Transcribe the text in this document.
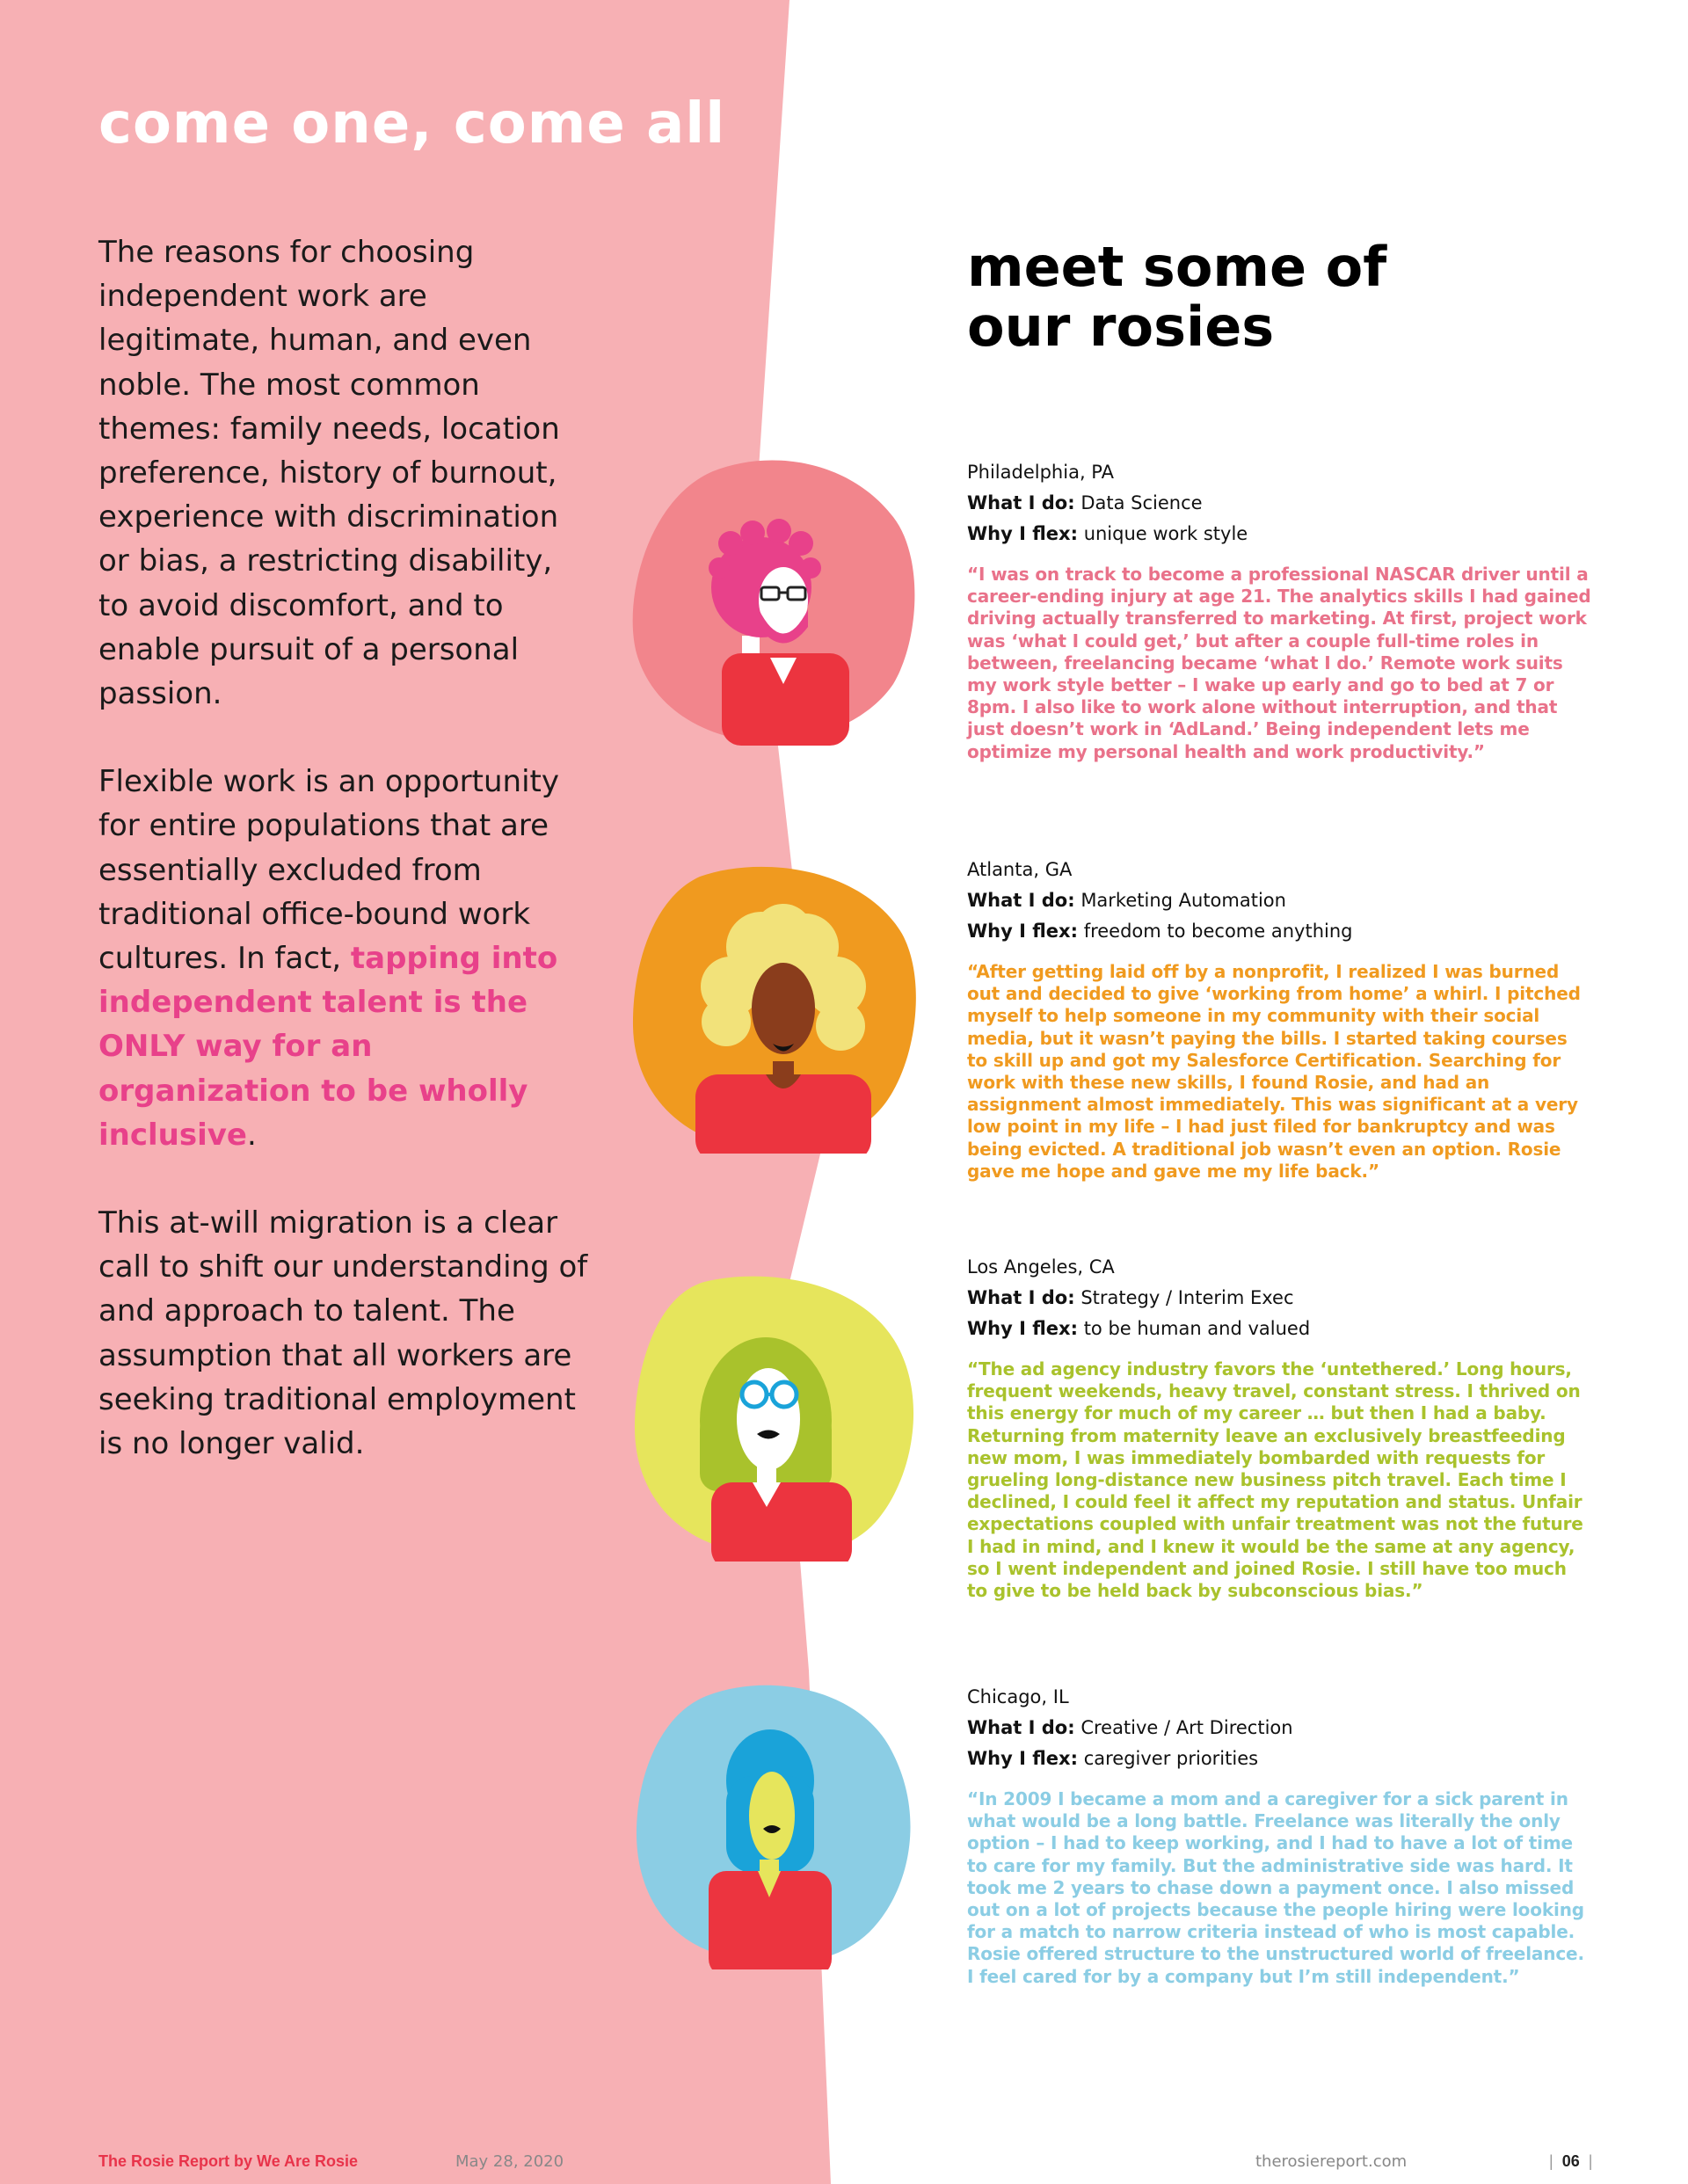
come one, come all

The reasons for choosing independent work are legitimate, human, and even noble. The most common themes: family needs, location preference, history of burnout, experience with discrimination or bias, a restricting disability, to avoid discomfort, and to enable pursuit of a personal passion.

Flexible work is an opportunity for entire populations that are essentially excluded from traditional office-bound work cultures. In fact, tapping into independent talent is the ONLY way for an organization to be wholly inclusive.

This at-will migration is a clear call to shift our understanding of and approach to talent. The assumption that all workers are seeking traditional employment is no longer valid.

meet some of our rosies
Philadelphia, PA
What I do: Data Science
Why I flex: unique work style
“I was on track to become a professional NASCAR driver until a career-ending injury at age 21. The analytics skills I had gained driving actually transferred to marketing. At first, project work was ‘what I could get,’ but after a couple full-time roles in between, freelancing became ‘what I do.’ Remote work suits my work style better – I wake up early and go to bed at 7 or 8pm. I also like to work alone without interruption, and that just doesn’t work in ‘AdLand.’ Being independent lets me optimize my personal health and work productivity.”
Atlanta, GA
What I do: Marketing Automation
Why I flex: freedom to become anything
“After getting laid off by a nonprofit, I realized I was burned out and decided to give ‘working from home’ a whirl. I pitched myself to help someone in my community with their social media, but it wasn’t paying the bills. I started taking courses to skill up and got my Salesforce Certification. Searching for work with these new skills, I found Rosie, and had an assignment almost immediately. This was significant at a very low point in my life – I had just filed for bankruptcy and was being evicted. A traditional job wasn’t even an option. Rosie gave me hope and gave me my life back.”
Los Angeles, CA
What I do: Strategy / Interim Exec
Why I flex: to be human and valued
“The ad agency industry favors the ‘untethered.’ Long hours, frequent weekends, heavy travel, constant stress. I thrived on this energy for much of my career … but then I had a baby. Returning from maternity leave an exclusively breastfeeding new mom, I was immediately bombarded with requests for grueling long-distance new business pitch travel. Each time I declined, I could feel it affect my reputation and status. Unfair expectations coupled with unfair treatment was not the future I had in mind, and I knew it would be the same at any agency, so I went independent and joined Rosie. I still have too much to give to be held back by subconscious bias.”
Chicago, IL
What I do: Creative / Art Direction
Why I flex: caregiver priorities
“In 2009 I became a mom and a caregiver for a sick parent in what would be a long battle. Freelance was literally the only option – I had to keep working, and I had to have a lot of time to care for my family. But the administrative side was hard. It took me 2 years to chase down a payment once. I also missed out on a lot of projects because the people hiring were looking for a match to narrow criteria instead of who is most capable. Rosie offered structure to the unstructured world of freelance. I feel cared for by a company but I’m still independent.”
The Rosie Report by We Are Rosie	May 28, 2020	therosiereport.com	| 06 |
